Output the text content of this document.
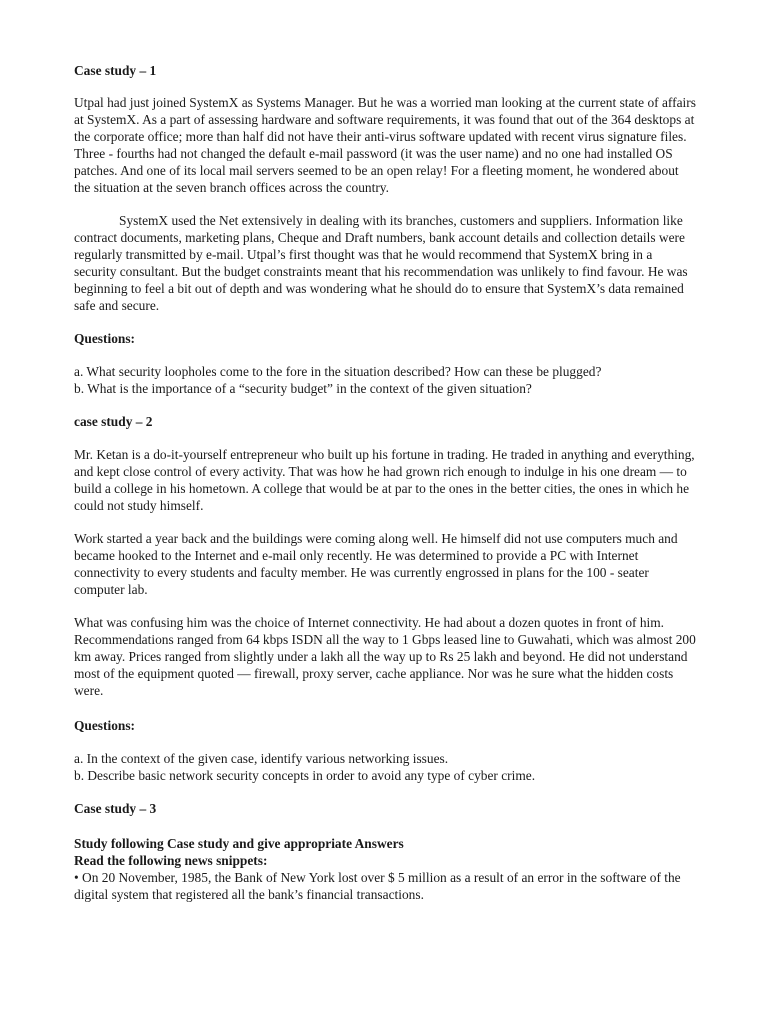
Case study – 1

Utpal had just joined SystemX as Systems Manager. But he was a worried man looking at the current state of affairs at SystemX. As a part of assessing hardware and software requirements, it was found that out of the 364 desktops at the corporate office; more than half did not have their anti-virus software updated with recent virus signature files. Three - fourths had not changed the default e-mail password (it was the user name) and no one had installed OS patches. And one of its local mail servers seemed to be an open relay! For a fleeting moment, he wondered about the situation at the seven branch offices across the country.

SystemX used the Net extensively in dealing with its branches, customers and suppliers. Information like contract documents, marketing plans, Cheque and Draft numbers, bank account details and collection details were regularly transmitted by e-mail. Utpal’s first thought was that he would recommend that SystemX bring in a security consultant. But the budget constraints meant that his recommendation was unlikely to find favour. He was beginning to feel a bit out of depth and was wondering what he should do to ensure that SystemX’s data remained safe and secure.

Questions:

a. What security loopholes come to the fore in the situation described? How can these be plugged?

b. What is the importance of a “security budget” in the context of the given situation?

case study – 2

Mr. Ketan is a do-it-yourself entrepreneur who built up his fortune in trading. He traded in anything and everything, and kept close control of every activity. That was how he had grown rich enough to indulge in his one dream — to build a college in his hometown. A college that would be at par to the ones in the better cities, the ones in which he could not study himself.

Work started a year back and the buildings were coming along well. He himself did not use computers much and became hooked to the Internet and e-mail only recently. He was determined to provide a PC with Internet connectivity to every students and faculty member. He was currently engrossed in plans for the 100 - seater computer lab.

What was confusing him was the choice of Internet connectivity. He had about a dozen quotes in front of him. Recommendations ranged from 64 kbps ISDN all the way to 1 Gbps leased line to Guwahati, which was almost 200 km away. Prices ranged from slightly under a lakh all the way up to Rs 25 lakh and beyond. He did not understand most of the equipment quoted — firewall, proxy server, cache appliance. Nor was he sure what the hidden costs were.

Questions:

a. In the context of the given case, identify various networking issues.

b. Describe basic network security concepts in order to avoid any type of cyber crime.

Case study – 3

Study following Case study and give appropriate Answers

Read the following news snippets:

• On 20 November, 1985, the Bank of New York lost over $ 5 million as a result of an error in the software of the digital system that registered all the bank’s financial transactions.
